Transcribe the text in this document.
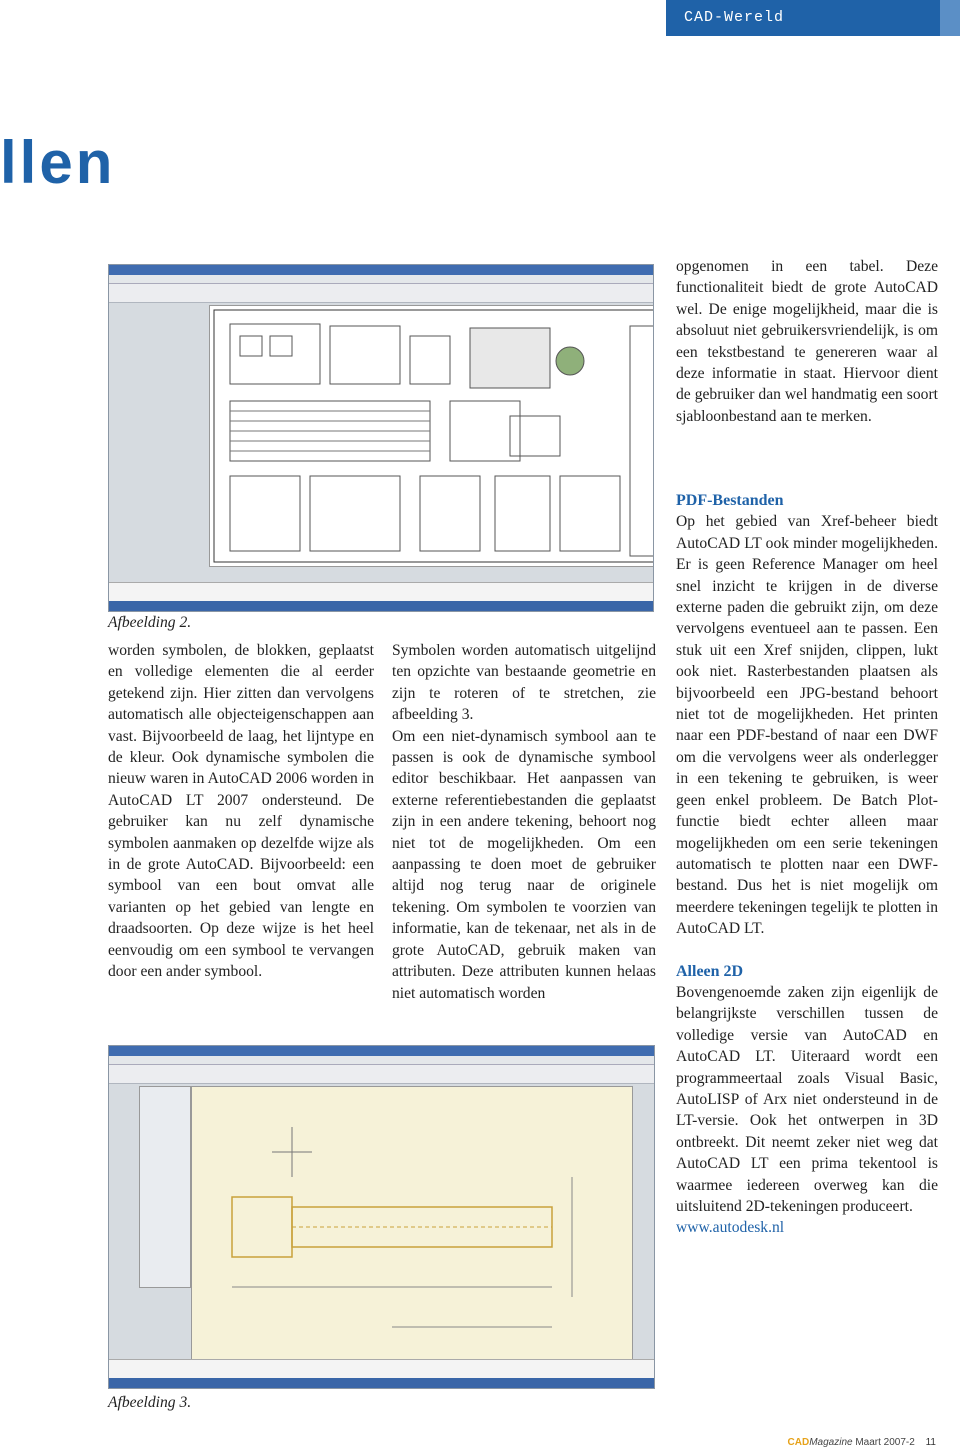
CAD-Wereld
llen
Afbeelding 2.

worden symbolen, de blokken, geplaatst en volledige elementen die al eerder getekend zijn. Hier zitten dan vervolgens automatisch alle objecteigenschappen aan vast. Bijvoorbeeld de laag, het lijntype en de kleur. Ook dynamische symbolen die nieuw waren in AutoCAD 2006 worden in AutoCAD LT 2007 ondersteund. De gebruiker kan nu zelf dynamische symbolen aanmaken op dezelfde wijze als in de grote AutoCAD. Bijvoorbeeld: een symbool van een bout omvat alle varianten op het gebied van lengte en draadsoorten. Op deze wijze is het heel eenvoudig om een symbool te vervangen door een ander symbool.

Symbolen worden automatisch uitgelijnd ten opzichte van bestaande geometrie en zijn te roteren of te stretchen, zie afbeelding 3.

Om een niet-dynamisch symbool aan te passen is ook de dynamische symbool editor beschikbaar. Het aanpassen van externe referentiebestanden die geplaatst zijn in een andere tekening, behoort nog niet tot de mogelijkheden. Om een aanpassing te doen moet de gebruiker altijd nog terug naar de originele tekening. Om symbolen te voorzien van informatie, kan de tekenaar, net als in de grote AutoCAD, gebruik maken van attributen. Deze attributen kunnen helaas niet automatisch worden

opgenomen in een tabel. Deze functionaliteit biedt de grote AutoCAD wel. De enige mogelijkheid, maar die is absoluut niet gebruikersvriendelijk, is om een tekstbestand te genereren waar al deze informatie in staat. Hiervoor dient de gebruiker dan wel handmatig een soort sjabloonbestand aan te merken.

PDF-Bestanden

Op het gebied van Xref-beheer biedt AutoCAD LT ook minder mogelijkheden. Er is geen Reference Manager om heel snel inzicht te krijgen in de diverse externe paden die gebruikt zijn, om deze vervolgens eventueel aan te passen. Een stuk uit een Xref snijden, clippen, lukt ook niet. Rasterbestanden plaatsen als bijvoorbeeld een JPG-bestand behoort niet tot de mogelijkheden. Het printen naar een PDF-bestand of naar een DWF om die vervolgens weer als onderlegger in een tekening te gebruiken, is weer geen enkel probleem. De Batch Plot-functie biedt echter alleen maar mogelijkheden om een serie tekeningen automatisch te plotten naar een DWF-bestand. Dus het is niet mogelijk om meerdere tekeningen tegelijk te plotten in AutoCAD LT.

Alleen 2D

Bovengenoemde zaken zijn eigenlijk de belangrijkste verschillen tussen de volledige versie van AutoCAD en AutoCAD LT. Uiteraard wordt een programmeertaal zoals Visual Basic, AutoLISP of Arx niet ondersteund in de LT-versie. Ook het ontwerpen in 3D ontbreekt. Dit neemt zeker niet weg dat AutoCAD LT een prima tekentool is waarmee iedereen overweg kan die uitsluitend 2D-tekeningen produceert.

www.autodesk.nl

Afbeelding 3.
CADMagazine Maart 2007-2 11
